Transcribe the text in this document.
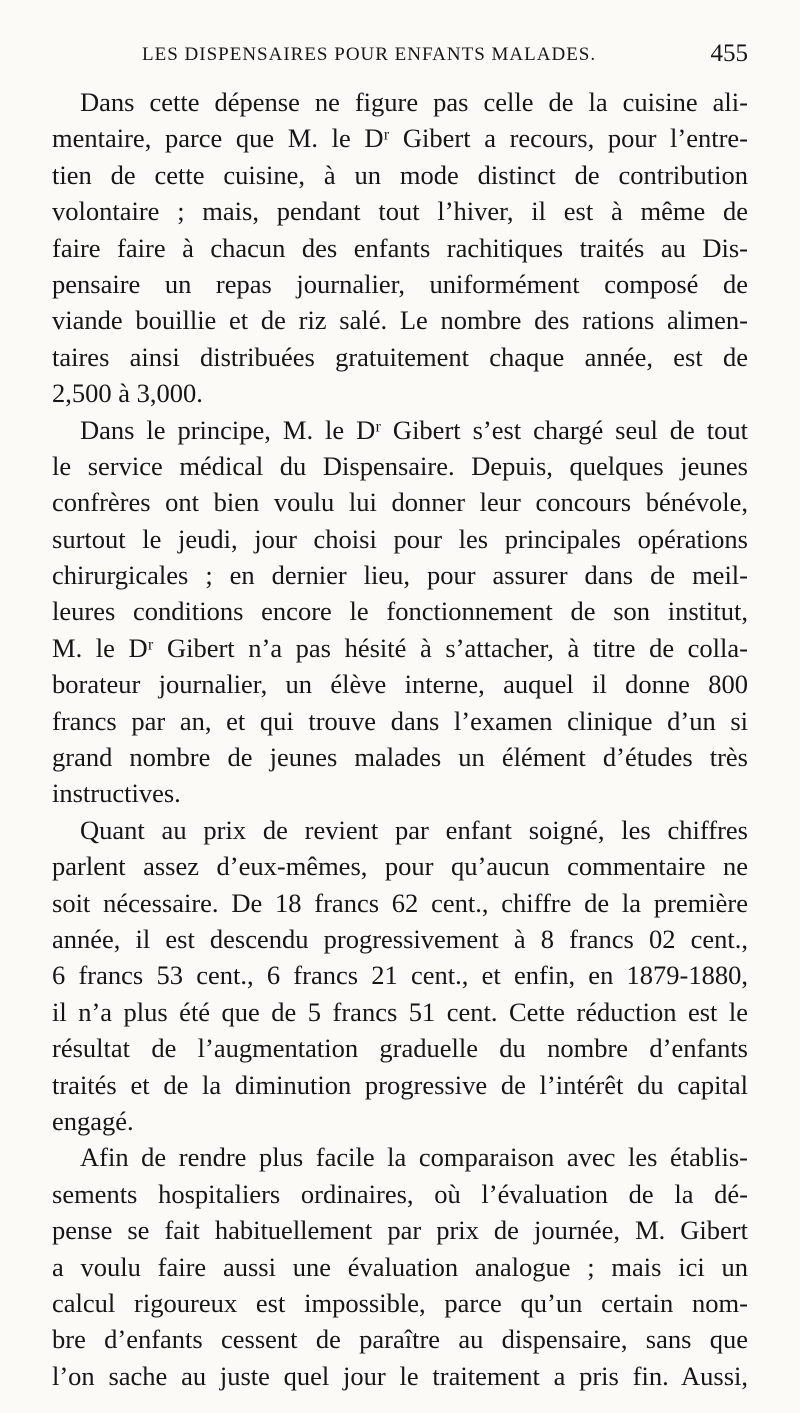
LES DISPENSAIRES POUR ENFANTS MALADES.	455
Dans cette dépense ne figure pas celle de la cuisine ali-
mentaire, parce que M. le Dʳ Gibert a recours, pour l’entre-
tien de cette cuisine, à un mode distinct de contribution
volontaire ; mais, pendant tout l’hiver, il est à même de
faire faire à chacun des enfants rachitiques traités au Dis-
pensaire un repas journalier, uniformément composé de
viande bouillie et de riz salé. Le nombre des rations alimen-
taires ainsi distribuées gratuitement chaque année, est de
2,500 à 3,000.
Dans le principe, M. le Dʳ Gibert s’est chargé seul de tout
le service médical du Dispensaire. Depuis, quelques jeunes
confrères ont bien voulu lui donner leur concours bénévole,
surtout le jeudi, jour choisi pour les principales opérations
chirurgicales ; en dernier lieu, pour assurer dans de meil-
leures conditions encore le fonctionnement de son institut,
M. le Dʳ Gibert n’a pas hésité à s’attacher, à titre de colla-
borateur journalier, un élève interne, auquel il donne 800
francs par an, et qui trouve dans l’examen clinique d’un si
grand nombre de jeunes malades un élément d’études très
instructives.
Quant au prix de revient par enfant soigné, les chiffres
parlent assez d’eux-mêmes, pour qu’aucun commentaire ne
soit nécessaire. De 18 francs 62 cent., chiffre de la première
année, il est descendu progressivement à 8 francs 02 cent.,
6 francs 53 cent., 6 francs 21 cent., et enfin, en 1879-1880,
il n’a plus été que de 5 francs 51 cent. Cette réduction est le
résultat de l’augmentation graduelle du nombre d’enfants
traités et de la diminution progressive de l’intérêt du capital
engagé.
Afin de rendre plus facile la comparaison avec les établis-
sements hospitaliers ordinaires, où l’évaluation de la dé-
pense se fait habituellement par prix de journée, M. Gibert
a voulu faire aussi une évaluation analogue ; mais ici un
calcul rigoureux est impossible, parce qu’un certain nom-
bre d’enfants cessent de paraître au dispensaire, sans que
l’on sache au juste quel jour le traitement a pris fin. Aussi,
